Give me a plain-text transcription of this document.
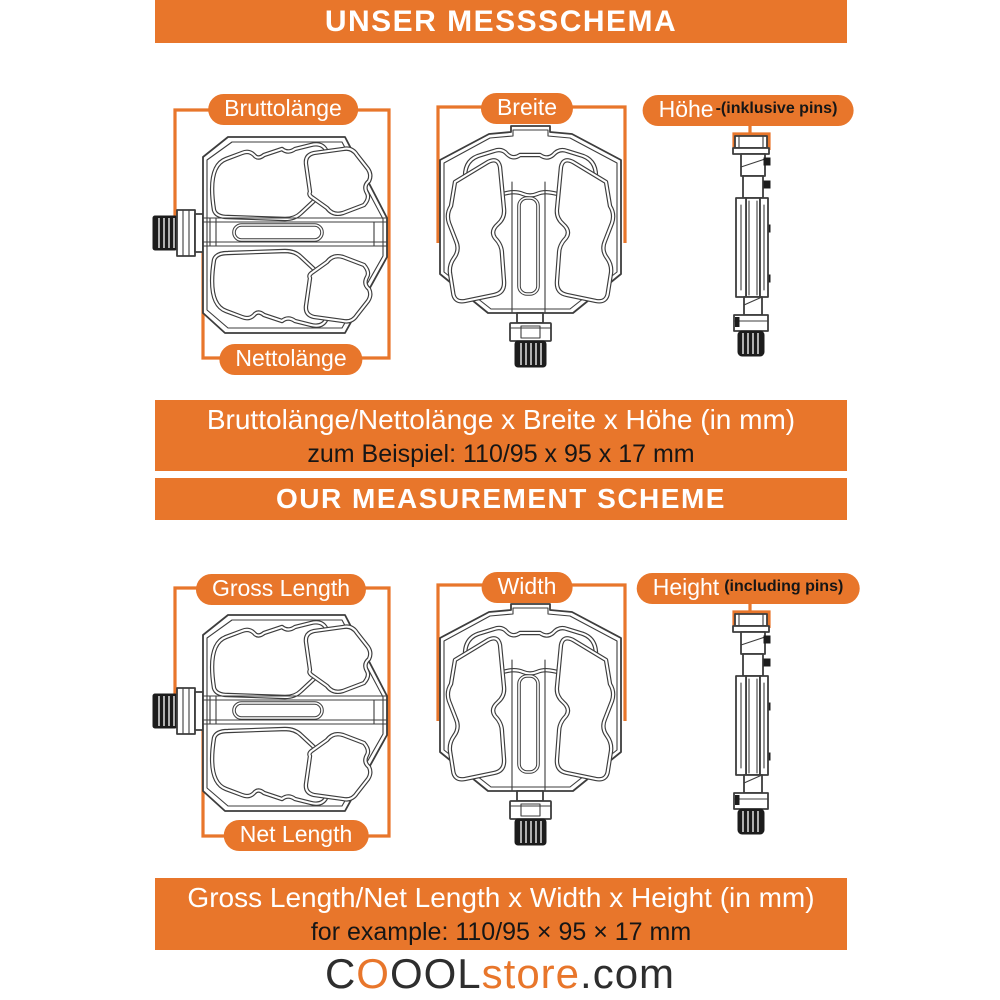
UNSER MESSSCHEMA
Bruttolänge
Nettolänge
Breite	Höhe -(inklusive pins)
Bruttolänge/Nettolänge x Breite x Höhe (in mm)
zum Beispiel: 110/95 x 95 x 17 mm
OUR MEASUREMENT SCHEME
Gross Length
Net Length
Width	Height (including pins)
Gross Length/Net Length x Width x Height (in mm)
for example: 110/95 × 95 × 17 mm
COOOLstore.com
